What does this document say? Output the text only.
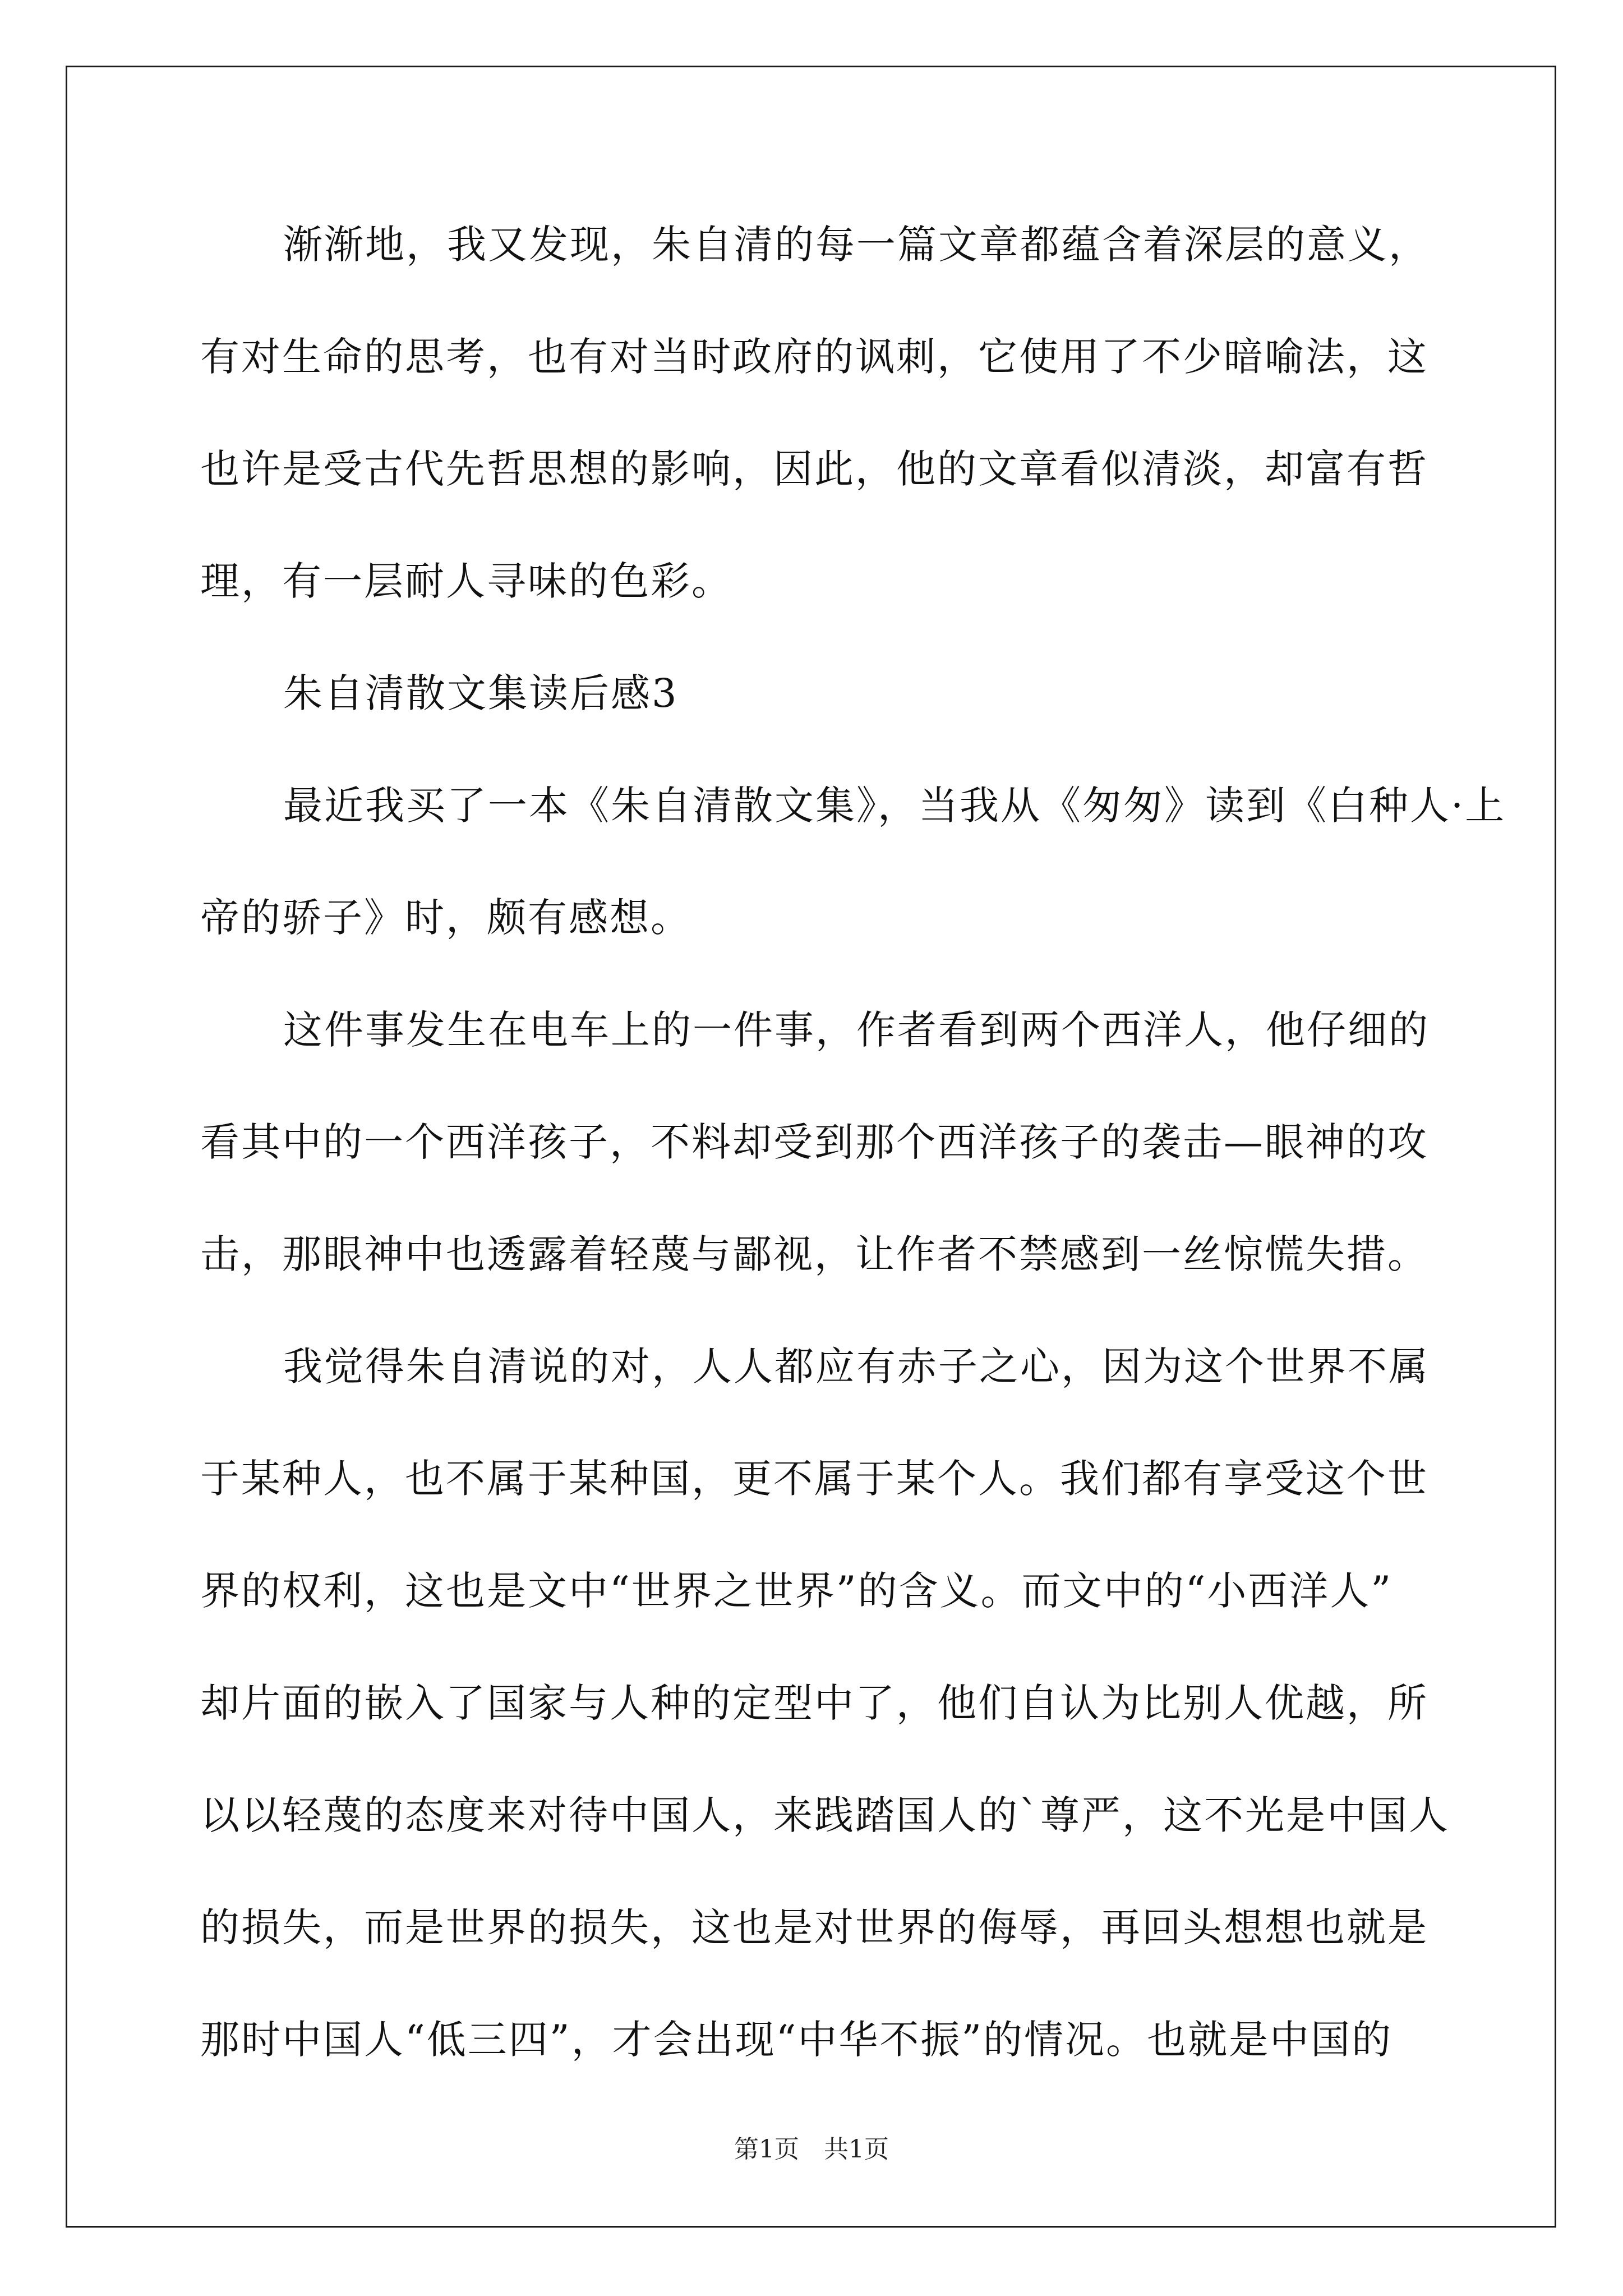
渐渐地，我又发现，朱自清的每一篇文章都蕴含着深层的意义，
有对生命的思考，也有对当时政府的讽刺，它使用了不少暗喻法，这
也许是受古代先哲思想的影响，因此，他的文章看似清淡，却富有哲
理，有一层耐人寻味的色彩。
朱自清散文集读后感3
最近我买了一本《朱自清散文集》，当我从《匆匆》读到《白种人·上
帝的骄子》时，颇有感想。
这件事发生在电车上的一件事，作者看到两个西洋人，他仔细的
看其中的一个西洋孩子，不料却受到那个西洋孩子的袭击—眼神的攻
击，那眼神中也透露着轻蔑与鄙视，让作者不禁感到一丝惊慌失措。
我觉得朱自清说的对，人人都应有赤子之心，因为这个世界不属
于某种人，也不属于某种国，更不属于某个人。我们都有享受这个世
界的权利，这也是文中“世界之世界”的含义。而文中的“小西洋人”
却片面的嵌入了国家与人种的定型中了，他们自认为比别人优越，所
以以轻蔑的态度来对待中国人，来践踏国人的`尊严，这不光是中国人
的损失，而是世界的损失，这也是对世界的侮辱，再回头想想也就是
那时中国人“低三四”，才会出现“中华不振”的情况。也就是中国的
第1页　共1页
